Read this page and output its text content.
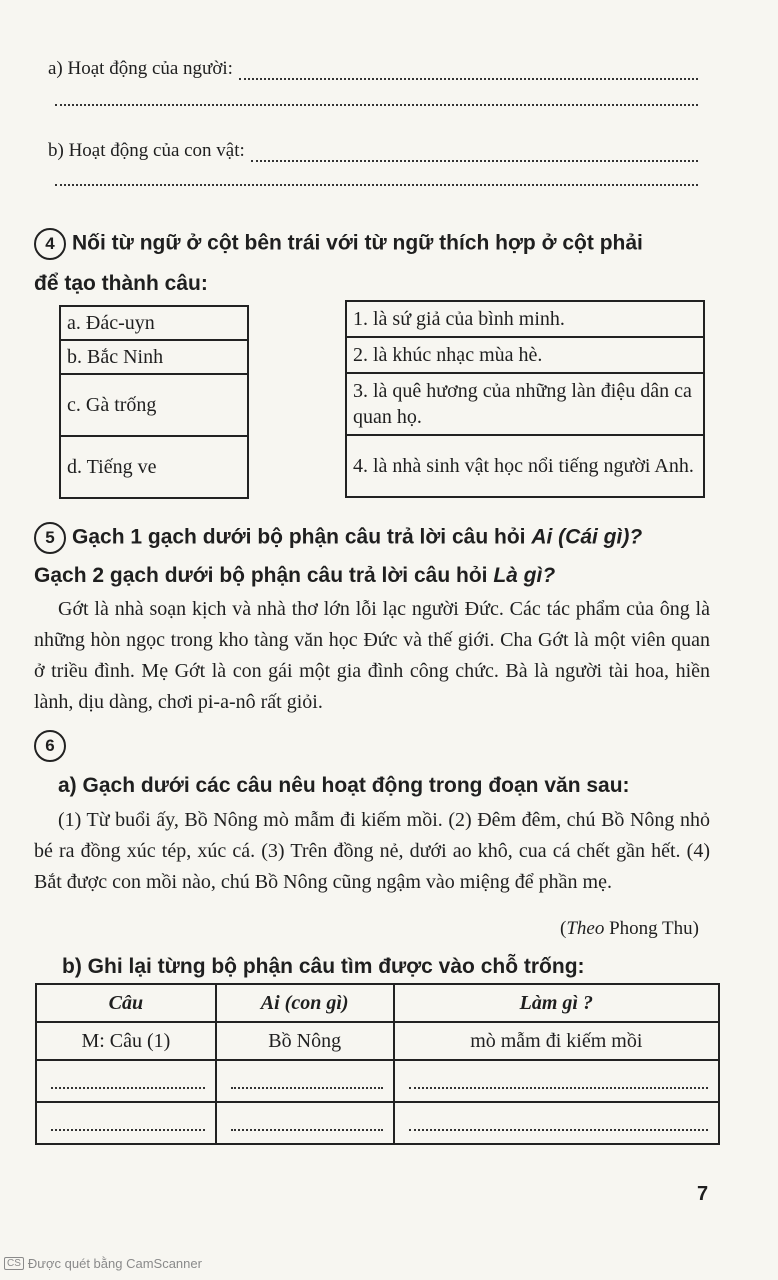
a) Hoạt động của người:
b) Hoạt động của con vật:
4 Nối từ ngữ ở cột bên trái với từ ngữ thích hợp ở cột phải
để tạo thành câu:
a. Đác-uyn
b. Bắc Ninh
c. Gà trống
d. Tiếng ve
1. là sứ giả của bình minh.
2. là khúc nhạc mùa hè.
3. là quê hương của những làn điệu dân ca quan họ.
4. là nhà sinh vật học nổi tiếng người Anh.
5 Gạch 1 gạch dưới bộ phận câu trả lời câu hỏi Ai (Cái gì)?
Gạch 2 gạch dưới bộ phận câu trả lời câu hỏi Là gì?
Gớt là nhà soạn kịch và nhà thơ lớn lỗi lạc người Đức. Các tác phẩm của ông là những hòn ngọc trong kho tàng văn học Đức và thế giới. Cha Gớt là một viên quan ở triều đình. Mẹ Gớt là con gái một gia đình công chức. Bà là người tài hoa, hiền lành, dịu dàng, chơi pi-a-nô rất giỏi.
6
a) Gạch dưới các câu nêu hoạt động trong đoạn văn sau:
(1) Từ buổi ấy, Bồ Nông mò mẫm đi kiếm mồi. (2) Đêm đêm, chú Bồ Nông nhỏ bé ra đồng xúc tép, xúc cá. (3) Trên đồng nẻ, dưới ao khô, cua cá chết gần hết. (4) Bắt được con mồi nào, chú Bồ Nông cũng ngậm vào miệng để phần mẹ.
(Theo Phong Thu)
b) Ghi lại từng bộ phận câu tìm được vào chỗ trống:
Câu	Ai (con gì)	Làm gì ?
M: Câu (1)	Bồ Nông	mò mẫm đi kiếm mồi

7
CS Được quét bằng CamScanner
